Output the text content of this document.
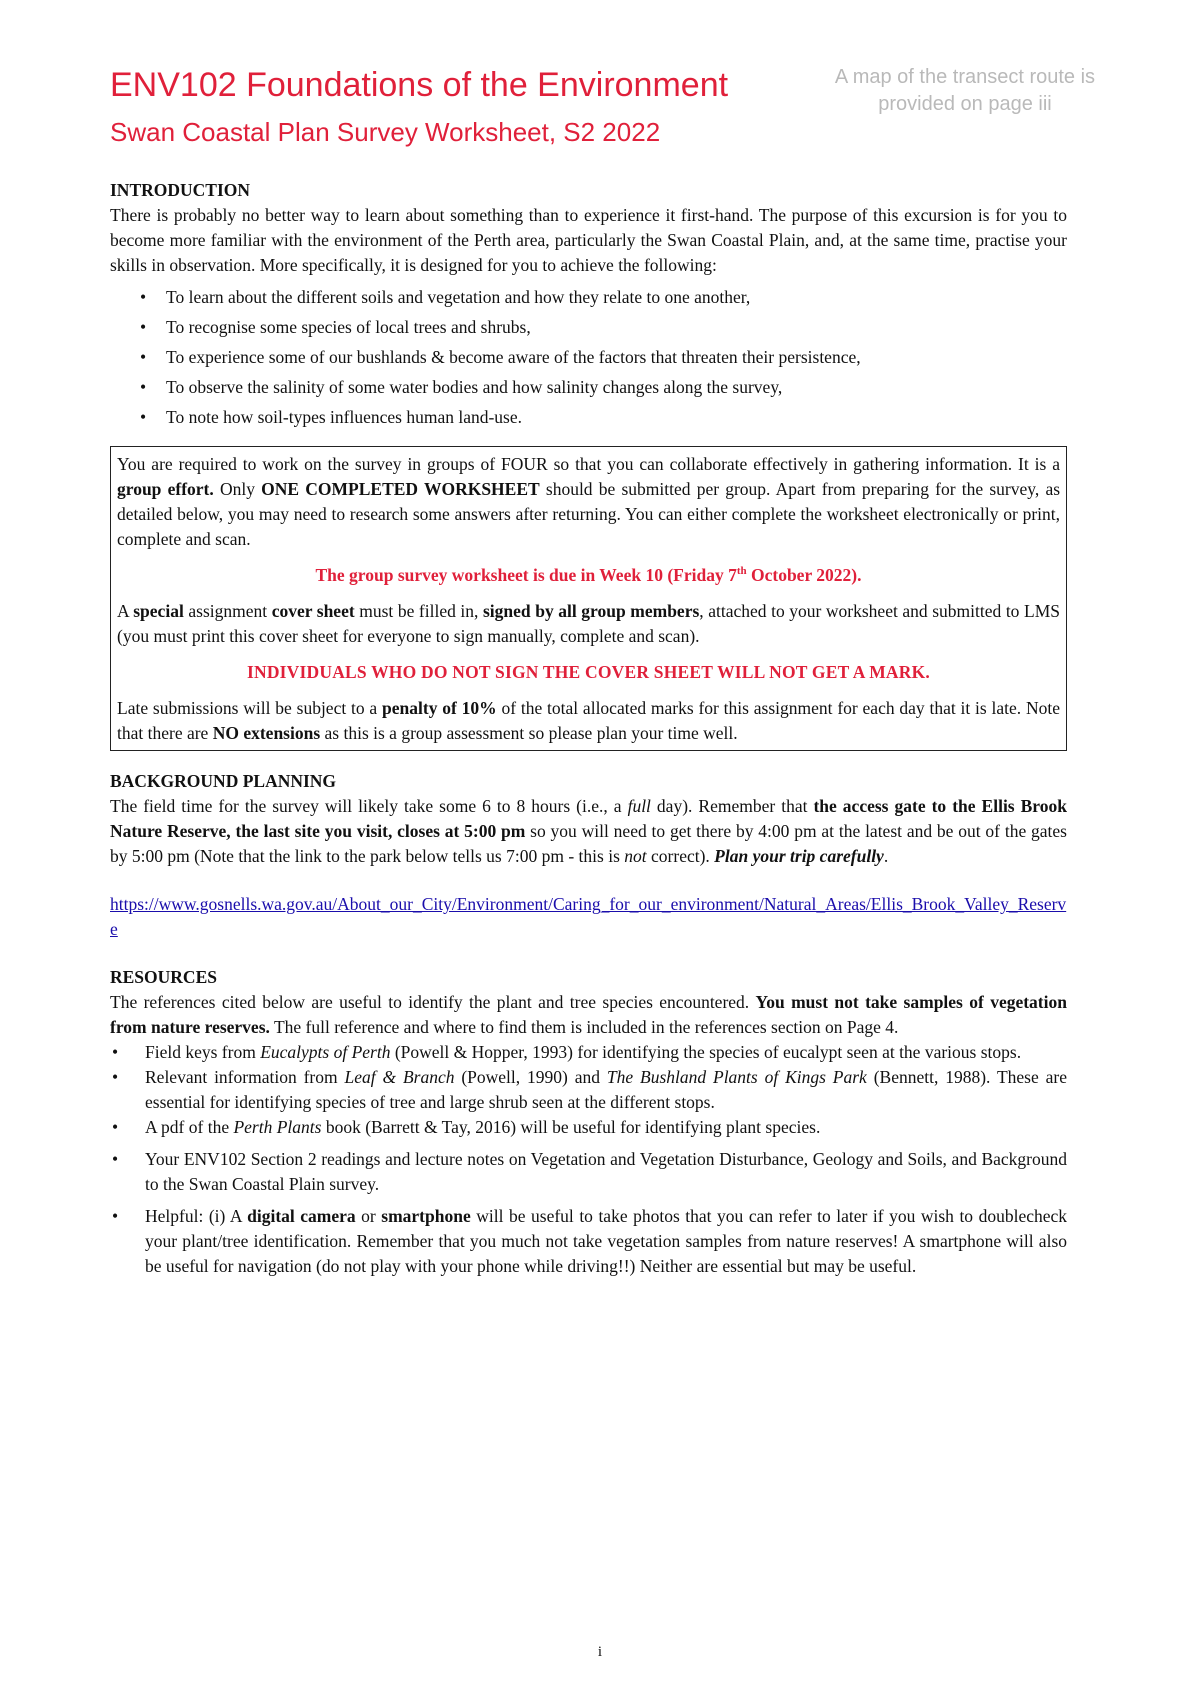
ENV102 Foundations of the Environment
Swan Coastal Plan Survey Worksheet, S2 2022
A map of the transect route is provided on page iii
INTRODUCTION

There is probably no better way to learn about something than to experience it first-hand. The purpose of this excursion is for you to become more familiar with the environment of the Perth area, particularly the Swan Coastal Plain, and, at the same time, practise your skills in observation. More specifically, it is designed for you to achieve the following:

• To learn about the different soils and vegetation and how they relate to one another,
• To recognise some species of local trees and shrubs,
• To experience some of our bushlands & become aware of the factors that threaten their persistence,
• To observe the salinity of some water bodies and how salinity changes along the survey,
• To note how soil-types influences human land-use.

You are required to work on the survey in groups of FOUR so that you can collaborate effectively in gathering information. It is a group effort. Only ONE COMPLETED WORKSHEET should be submitted per group. Apart from preparing for the survey, as detailed below, you may need to research some answers after returning. You can either complete the worksheet electronically or print, complete and scan.

The group survey worksheet is due in Week 10 (Friday 7th October 2022).

A special assignment cover sheet must be filled in, signed by all group members, attached to your worksheet and submitted to LMS (you must print this cover sheet for everyone to sign manually, complete and scan).

INDIVIDUALS WHO DO NOT SIGN THE COVER SHEET WILL NOT GET A MARK.

Late submissions will be subject to a penalty of 10% of the total allocated marks for this assignment for each day that it is late. Note that there are NO extensions as this is a group assessment so please plan your time well.

BACKGROUND PLANNING

The field time for the survey will likely take some 6 to 8 hours (i.e., a full day). Remember that the access gate to the Ellis Brook Nature Reserve, the last site you visit, closes at 5:00 pm so you will need to get there by 4:00 pm at the latest and be out of the gates by 5:00 pm (Note that the link to the park below tells us 7:00 pm - this is not correct). Plan your trip carefully.

https://www.gosnells.wa.gov.au/About_our_City/Environment/Caring_for_our_environment/Natural_Areas/Ellis_Brook_Valley_Reserve

RESOURCES

The references cited below are useful to identify the plant and tree species encountered. You must not take samples of vegetation from nature reserves. The full reference and where to find them is included in the references section on Page 4.

• Field keys from Eucalypts of Perth (Powell & Hopper, 1993) for identifying the species of eucalypt seen at the various stops.
• Relevant information from Leaf & Branch (Powell, 1990) and The Bushland Plants of Kings Park (Bennett, 1988). These are essential for identifying species of tree and large shrub seen at the different stops.
• A pdf of the Perth Plants book (Barrett & Tay, 2016) will be useful for identifying plant species.
• Your ENV102 Section 2 readings and lecture notes on Vegetation and Vegetation Disturbance, Geology and Soils, and Background to the Swan Coastal Plain survey.
• Helpful: (i) A digital camera or smartphone will be useful to take photos that you can refer to later if you wish to doublecheck your plant/tree identification. Remember that you much not take vegetation samples from nature reserves! A smartphone will also be useful for navigation (do not play with your phone while driving!!) Neither are essential but may be useful.
i
